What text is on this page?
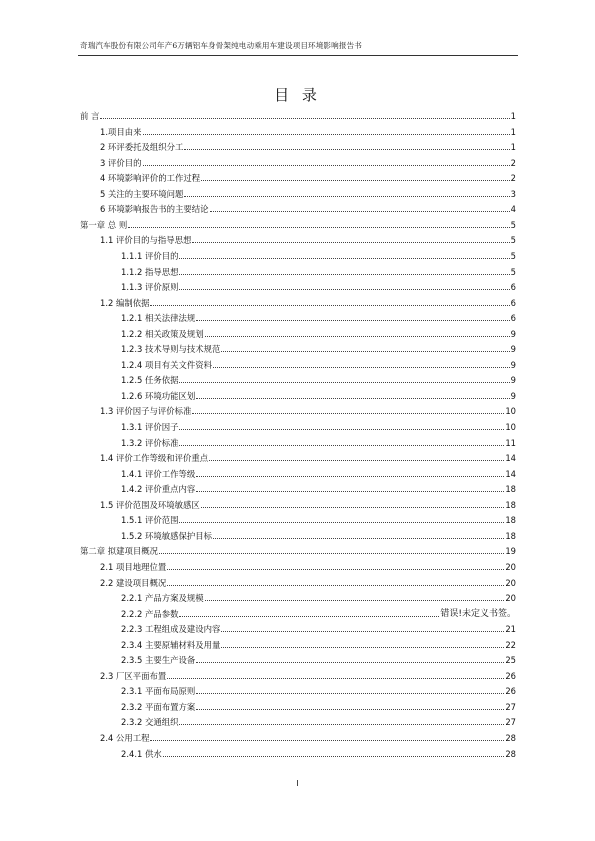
奇瑞汽车股份有限公司年产6万辆铝车身骨架纯电动乘用车建设项目环境影响报告书
目 录
前 言	1
1.项目由来	1
2 环评委托及组织分工	1
3 评价目的	2
4 环境影响评价的工作过程	2
5 关注的主要环境问题	3
6 环境影响报告书的主要结论	4
第一章 总 则	5
1.1 评价目的与指导思想	5
1.1.1 评价目的	5
1.1.2 指导思想	5
1.1.3 评价原则	6
1.2 编制依据	6
1.2.1 相关法律法规	6
1.2.2 相关政策及规划	9
1.2.3 技术导则与技术规范	9
1.2.4 项目有关文件资料	9
1.2.5 任务依据	9
1.2.6 环境功能区划	9
1.3 评价因子与评价标准	10
1.3.1 评价因子	10
1.3.2 评价标准	11
1.4 评价工作等级和评价重点	14
1.4.1 评价工作等级	14
1.4.2 评价重点内容	18
1.5 评价范围及环境敏感区	18
1.5.1 评价范围	18
1.5.2 环境敏感保护目标	18
第二章 拟建项目概况	19
2.1 项目地理位置	20
2.2 建设项目概况	20
2.2.1 产品方案及规模	20
2.2.2 产品参数	错误!未定义书签。
2.2.3 工程组成及建设内容	21
2.3.4 主要原辅材料及用量	22
2.3.5 主要生产设备	25
2.3 厂区平面布置	26
2.3.1 平面布局原则	26
2.3.2 平面布置方案	27
2.3.2 交通组织	27
2.4 公用工程	28
2.4.1 供水	28
I
